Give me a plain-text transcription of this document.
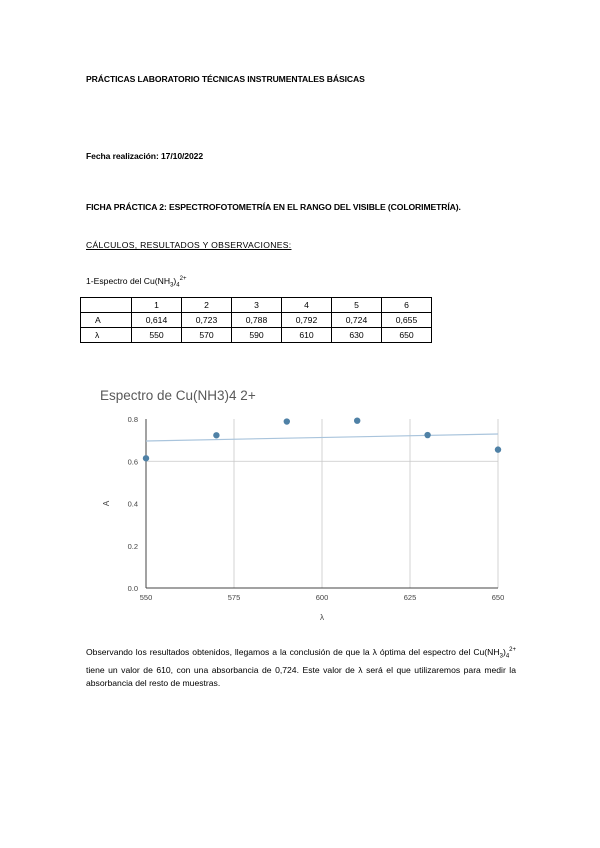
PRÁCTICAS LABORATORIO TÉCNICAS INSTRUMENTALES BÁSICAS
Fecha realización: 17/10/2022
FICHA PRÁCTICA 2: ESPECTROFOTOMETRÍA EN EL RANGO DEL VISIBLE (COLORIMETRÍA).
CÁLCULOS, RESULTADOS Y OBSERVACIONES:
1-Espectro del $Cu(NH_3)_4^{2+}$
	1	2	3	4	5	6
A	0,614	0,723	0,788	0,792	0,724	0,655
λ	550	570	590	610	630	650
Espectro de Cu(NH3)4 2+
550	575	600	625	650
0.0
0.2
0.4
0.6
0.8
λ
A
Observando los resultados obtenidos, llegamos a la conclusión de que la λ óptima del espectro del $Cu(NH_3)_4^{2+}$ tiene un valor de 610, con una absorbancia de 0,724. Este valor de λ será el que utilizaremos para medir la absorbancia del resto de muestras.
